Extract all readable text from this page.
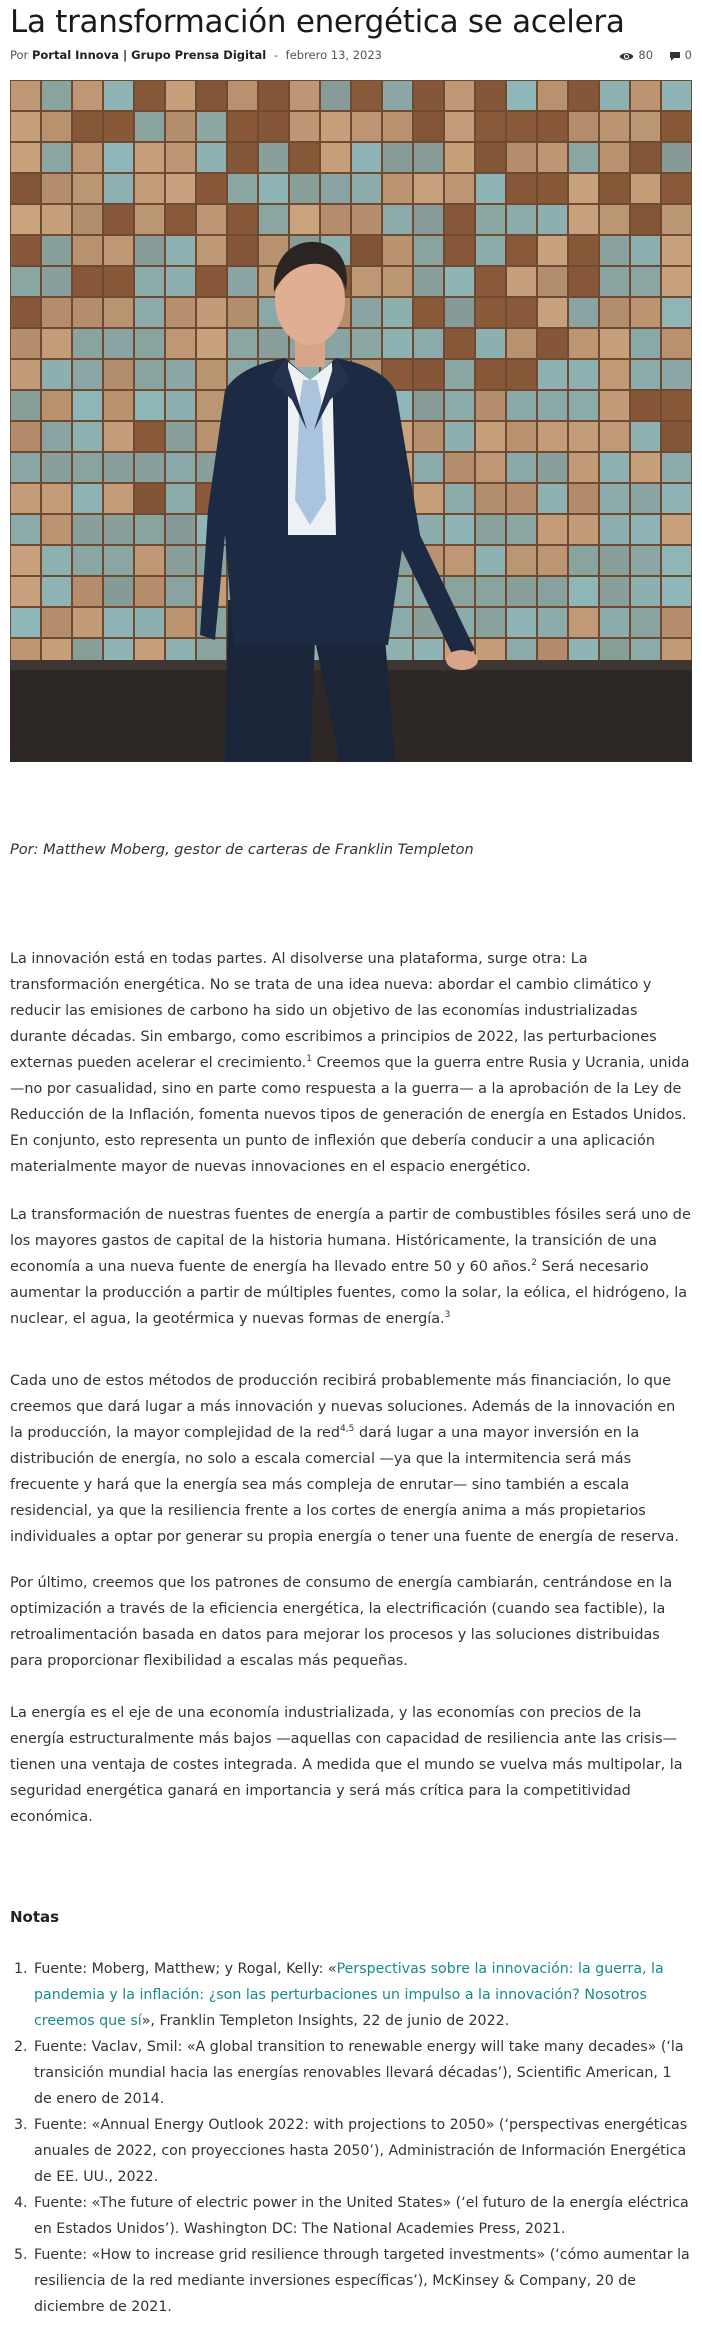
La transformación energética se acelera
Por Portal Innova | Grupo Prensa Digital - febrero 13, 2023	80	0

Por: Matthew Moberg, gestor de carteras de Franklin Templeton

La innovación está en todas partes. Al disolverse una plataforma, surge otra: La transformación energética. No se trata de una idea nueva: abordar el cambio climático y reducir las emisiones de carbono ha sido un objetivo de las economías industrializadas durante décadas. Sin embargo, como escribimos a principios de 2022, las perturbaciones externas pueden acelerar el crecimiento.$^1$ Creemos que la guerra entre Rusia y Ucrania, unida —no por casualidad, sino en parte como respuesta a la guerra— a la aprobación de la Ley de Reducción de la Inflación, fomenta nuevos tipos de generación de energía en Estados Unidos. En conjunto, esto representa un punto de inflexión que debería conducir a una aplicación materialmente mayor de nuevas innovaciones en el espacio energético.

La transformación de nuestras fuentes de energía a partir de combustibles fósiles será uno de los mayores gastos de capital de la historia humana. Históricamente, la transición de una economía a una nueva fuente de energía ha llevado entre 50 y 60 años.$^2$ Será necesario aumentar la producción a partir de múltiples fuentes, como la solar, la eólica, el hidrógeno, la nuclear, el agua, la geotérmica y nuevas formas de energía.$^3$

Cada uno de estos métodos de producción recibirá probablemente más financiación, lo que creemos que dará lugar a más innovación y nuevas soluciones. Además de la innovación en la producción, la mayor complejidad de la red$^{4,5}$ dará lugar a una mayor inversión en la distribución de energía, no solo a escala comercial —ya que la intermitencia será más frecuente y hará que la energía sea más compleja de enrutar— sino también a escala residencial, ya que la resiliencia frente a los cortes de energía anima a más propietarios individuales a optar por generar su propia energía o tener una fuente de energía de reserva.

Por último, creemos que los patrones de consumo de energía cambiarán, centrándose en la optimización a través de la eficiencia energética, la electrificación (cuando sea factible), la retroalimentación basada en datos para mejorar los procesos y las soluciones distribuidas para proporcionar flexibilidad a escalas más pequeñas.

La energía es el eje de una economía industrializada, y las economías con precios de la energía estructuralmente más bajos —aquellas con capacidad de resiliencia ante las crisis— tienen una ventaja de costes integrada. A medida que el mundo se vuelva más multipolar, la seguridad energética ganará en importancia y será más crítica para la competitividad económica.

Notas
1. Fuente: Moberg, Matthew; y Rogal, Kelly: «Perspectivas sobre la innovación: la guerra, la pandemia y la inflación: ¿son las perturbaciones un impulso a la innovación? Nosotros creemos que sí», Franklin Templeton Insights, 22 de junio de 2022.
2. Fuente: Vaclav, Smil: «A global transition to renewable energy will take many decades» (‘la transición mundial hacia las energías renovables llevará décadas’), Scientific American, 1 de enero de 2014.
3. Fuente: «Annual Energy Outlook 2022: with projections to 2050» (‘perspectivas energéticas anuales de 2022, con proyecciones hasta 2050’), Administración de Información Energética de EE. UU., 2022.
4. Fuente: «The future of electric power in the United States» (‘el futuro de la energía eléctrica en Estados Unidos’). Washington DC: The National Academies Press, 2021.
5. Fuente: «How to increase grid resilience through targeted investments» (‘cómo aumentar la resiliencia de la red mediante inversiones específicas’), McKinsey & Company, 20 de diciembre de 2021.
